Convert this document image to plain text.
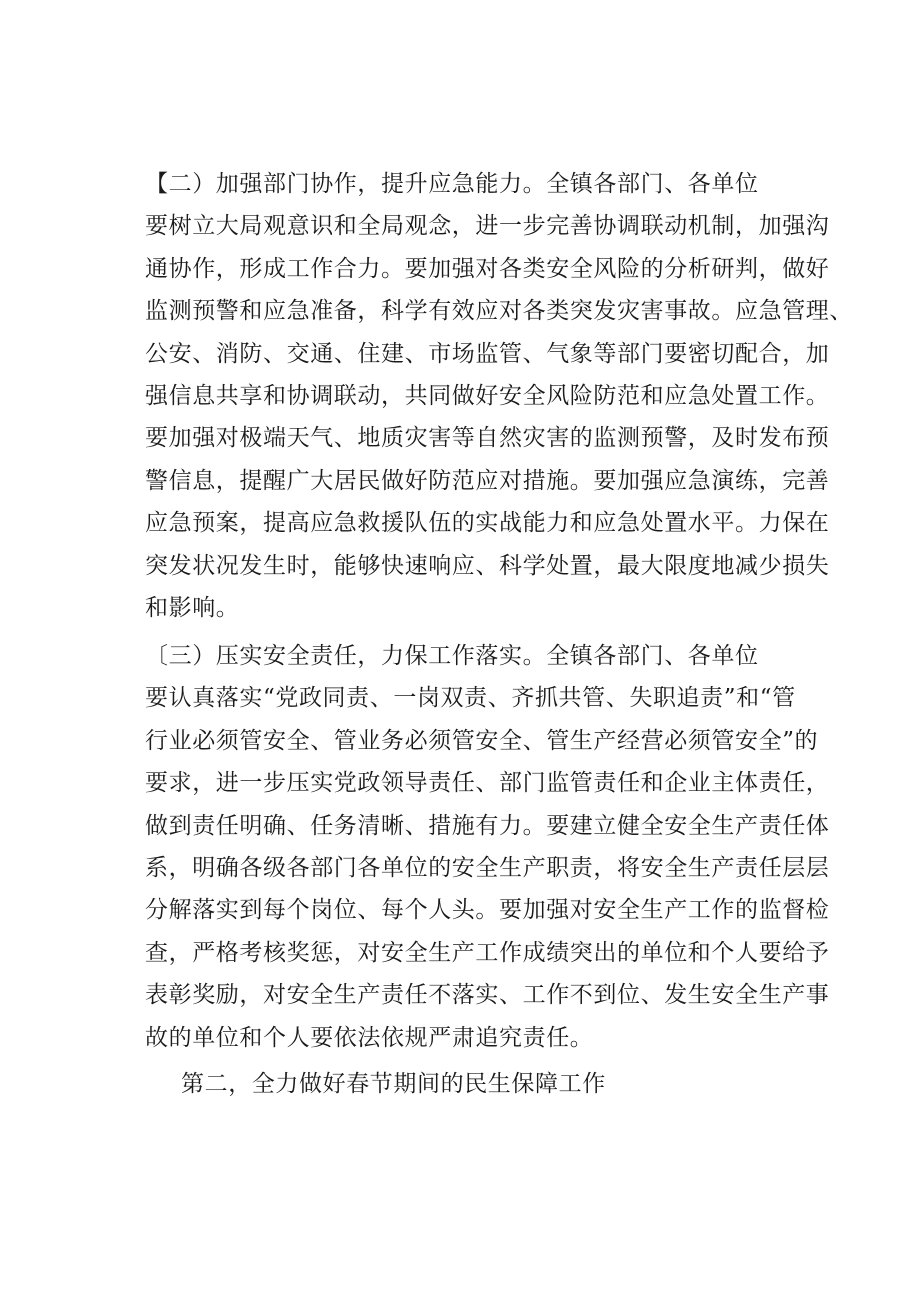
【二）加强部门协作，提升应急能力。全镇各部门、各单位
要树立大局观意识和全局观念，进一步完善协调联动机制，加强沟
通协作，形成工作合力。要加强对各类安全风险的分析研判，做好
监测预警和应急准备，科学有效应对各类突发灾害事故。应急管理、
公安、消防、交通、住建、市场监管、气象等部门要密切配合，加
强信息共享和协调联动，共同做好安全风险防范和应急处置工作。
要加强对极端天气、地质灾害等自然灾害的监测预警，及时发布预
警信息，提醒广大居民做好防范应对措施。要加强应急演练，完善
应急预案，提高应急救援队伍的实战能力和应急处置水平。力保在
突发状况发生时，能够快速响应、科学处置，最大限度地减少损失
和影响。
〔三）压实安全责任，力保工作落实。全镇各部门、各单位
要认真落实“党政同责、一岗双责、齐抓共管、失职追责”和“管
行业必须管安全、管业务必须管安全、管生产经营必须管安全”的
要求，进一步压实党政领导责任、部门监管责任和企业主体责任，
做到责任明确、任务清晰、措施有力。要建立健全安全生产责任体
系，明确各级各部门各单位的安全生产职责，将安全生产责任层层
分解落实到每个岗位、每个人头。要加强对安全生产工作的监督检
查，严格考核奖惩，对安全生产工作成绩突出的单位和个人要给予
表彰奖励，对安全生产责任不落实、工作不到位、发生安全生产事
故的单位和个人要依法依规严肃追究责任。
第二，全力做好春节期间的民生保障工作
